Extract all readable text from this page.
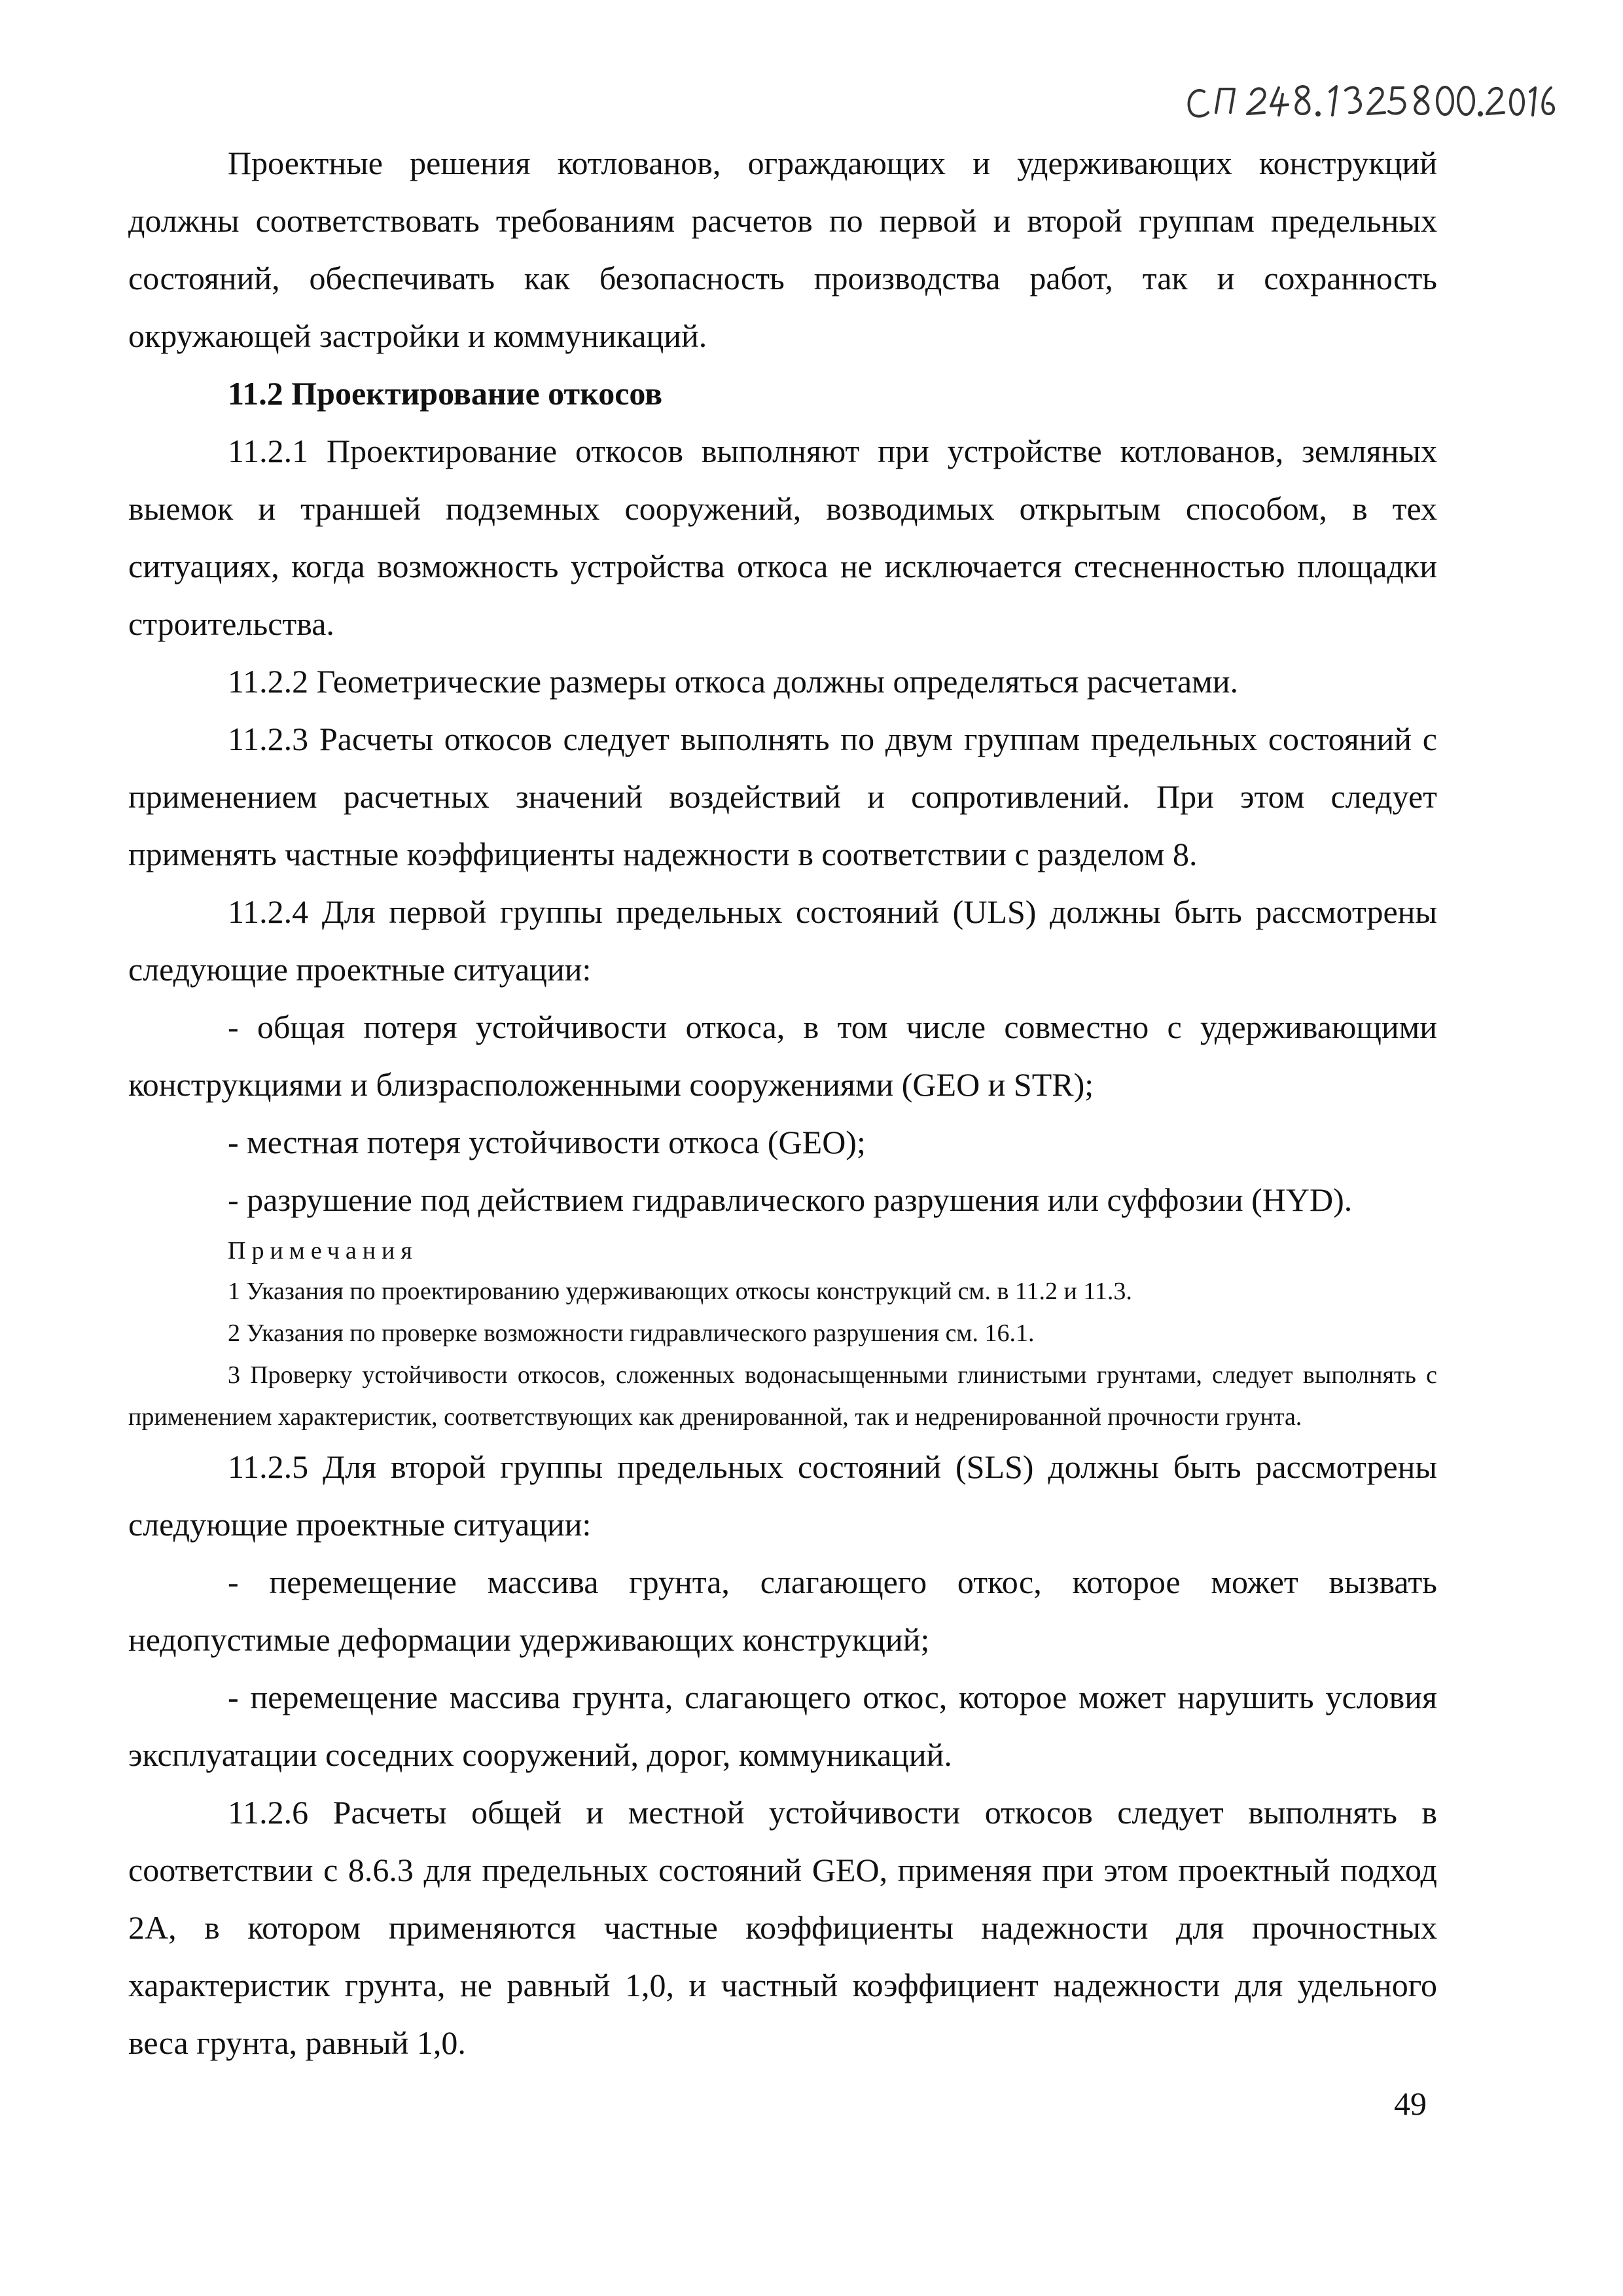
Проектные решения котлованов, ограждающих и удерживающих конструкций должны соответствовать требованиям расчетов по первой и второй группам предельных состояний, обеспечивать как безопасность производства работ, так и сохранность окружающей застройки и коммуникаций.

11.2 Проектирование откосов

11.2.1 Проектирование откосов выполняют при устройстве котлованов, земляных выемок и траншей подземных сооружений, возводимых открытым способом, в тех ситуациях, когда возможность устройства откоса не исключается стесненностью площадки строительства.

11.2.2 Геометрические размеры откоса должны определяться расчетами.

11.2.3 Расчеты откосов следует выполнять по двум группам предельных состояний с применением расчетных значений воздействий и сопротивлений. При этом следует применять частные коэффициенты надежности в соответствии с разделом 8.

11.2.4 Для первой группы предельных состояний (ULS) должны быть рассмотрены следующие проектные ситуации:

- общая потеря устойчивости откоса, в том числе совместно с удерживающими конструкциями и близрасположенными сооружениями (GEO и STR);

- местная потеря устойчивости откоса (GEO);

- разрушение под действием гидравлического разрушения или суффозии (HYD).

Примечания

1 Указания по проектированию удерживающих откосы конструкций см. в 11.2 и 11.3.

2 Указания по проверке возможности гидравлического разрушения см. 16.1.

3 Проверку устойчивости откосов, сложенных водонасыщенными глинистыми грунтами, следует выполнять с применением характеристик, соответствующих как дренированной, так и недренированной прочности грунта.

11.2.5 Для второй группы предельных состояний (SLS) должны быть рассмотрены следующие проектные ситуации:

- перемещение массива грунта, слагающего откос, которое может вызвать недопустимые деформации удерживающих конструкций;

- перемещение массива грунта, слагающего откос, которое может нарушить условия эксплуатации соседних сооружений, дорог, коммуникаций.

11.2.6 Расчеты общей и местной устойчивости откосов следует выполнять в соответствии с 8.6.3 для предельных состояний GEO, применяя при этом проектный подход 2А, в котором применяются частные коэффициенты надежности для прочностных характеристик грунта, не равный 1,0, и частный коэффициент надежности для удельного веса грунта, равный 1,0.

49
